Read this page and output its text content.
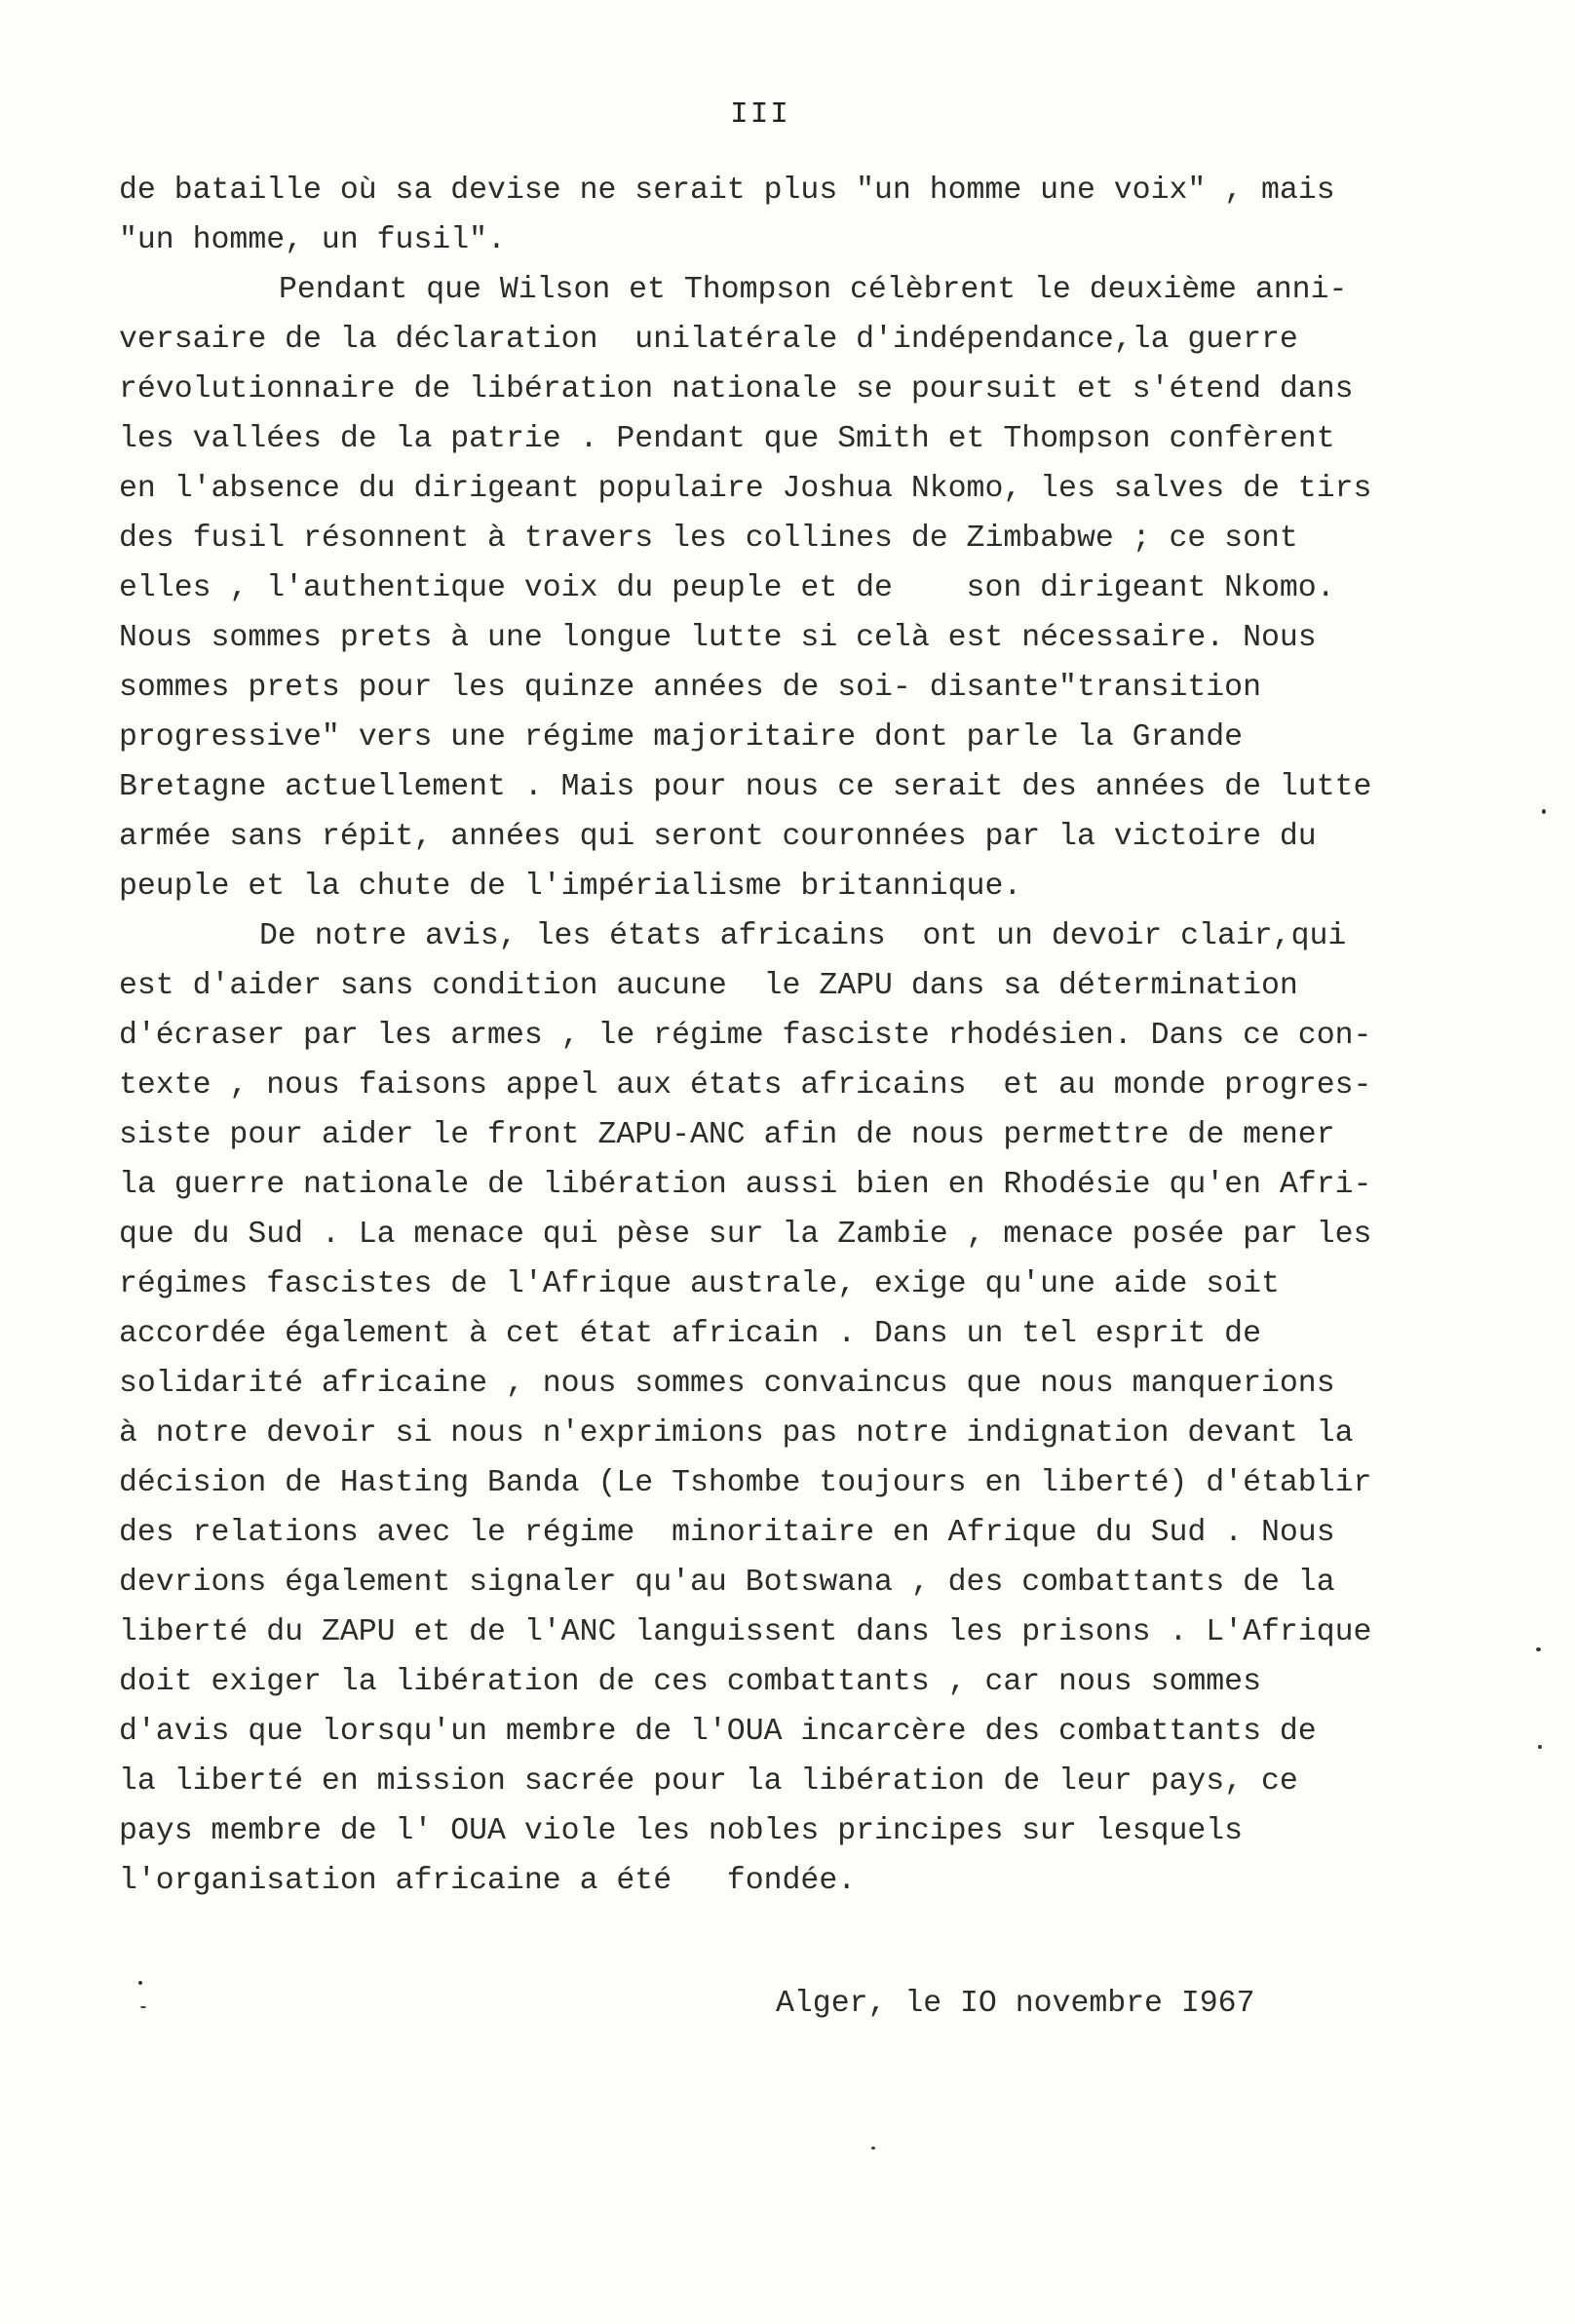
III
de bataille où sa devise ne serait plus "un homme une voix" , mais
"un homme, un fusil".
Pendant que Wilson et Thompson célèbrent le deuxième anni-
versaire de la déclaration  unilatérale d'indépendance,la guerre
révolutionnaire de libération nationale se poursuit et s'étend dans
les vallées de la patrie . Pendant que Smith et Thompson confèrent
en l'absence du dirigeant populaire Joshua Nkomo, les salves de tirs
des fusil résonnent à travers les collines de Zimbabwe ; ce sont
elles , l'authentique voix du peuple et de    son dirigeant Nkomo.
Nous sommes prets à une longue lutte si celà est nécessaire. Nous
sommes prets pour les quinze années de soi- disante"transition
progressive" vers une régime majoritaire dont parle la Grande
Bretagne actuellement . Mais pour nous ce serait des années de lutte
armée sans répit, années qui seront couronnées par la victoire du
peuple et la chute de l'impérialisme britannique.
De notre avis, les états africains  ont un devoir clair,qui
est d'aider sans condition aucune  le ZAPU dans sa détermination
d'écraser par les armes , le régime fasciste rhodésien. Dans ce con-
texte , nous faisons appel aux états africains  et au monde progres-
siste pour aider le front ZAPU-ANC afin de nous permettre de mener
la guerre nationale de libération aussi bien en Rhodésie qu'en Afri-
que du Sud . La menace qui pèse sur la Zambie , menace posée par les
régimes fascistes de l'Afrique australe, exige qu'une aide soit
accordée également à cet état africain . Dans un tel esprit de
solidarité africaine , nous sommes convaincus que nous manquerions
à notre devoir si nous n'exprimions pas notre indignation devant la
décision de Hasting Banda (Le Tshombe toujours en liberté) d'établir
des relations avec le régime  minoritaire en Afrique du Sud . Nous
devrions également signaler qu'au Botswana , des combattants de la
liberté du ZAPU et de l'ANC languissent dans les prisons . L'Afrique
doit exiger la libération de ces combattants , car nous sommes
d'avis que lorsqu'un membre de l'OUA incarcère des combattants de
la liberté en mission sacrée pour la libération de leur pays, ce
pays membre de l' OUA viole les nobles principes sur lesquels
l'organisation africaine a été   fondée.
Alger, le IO novembre I967
